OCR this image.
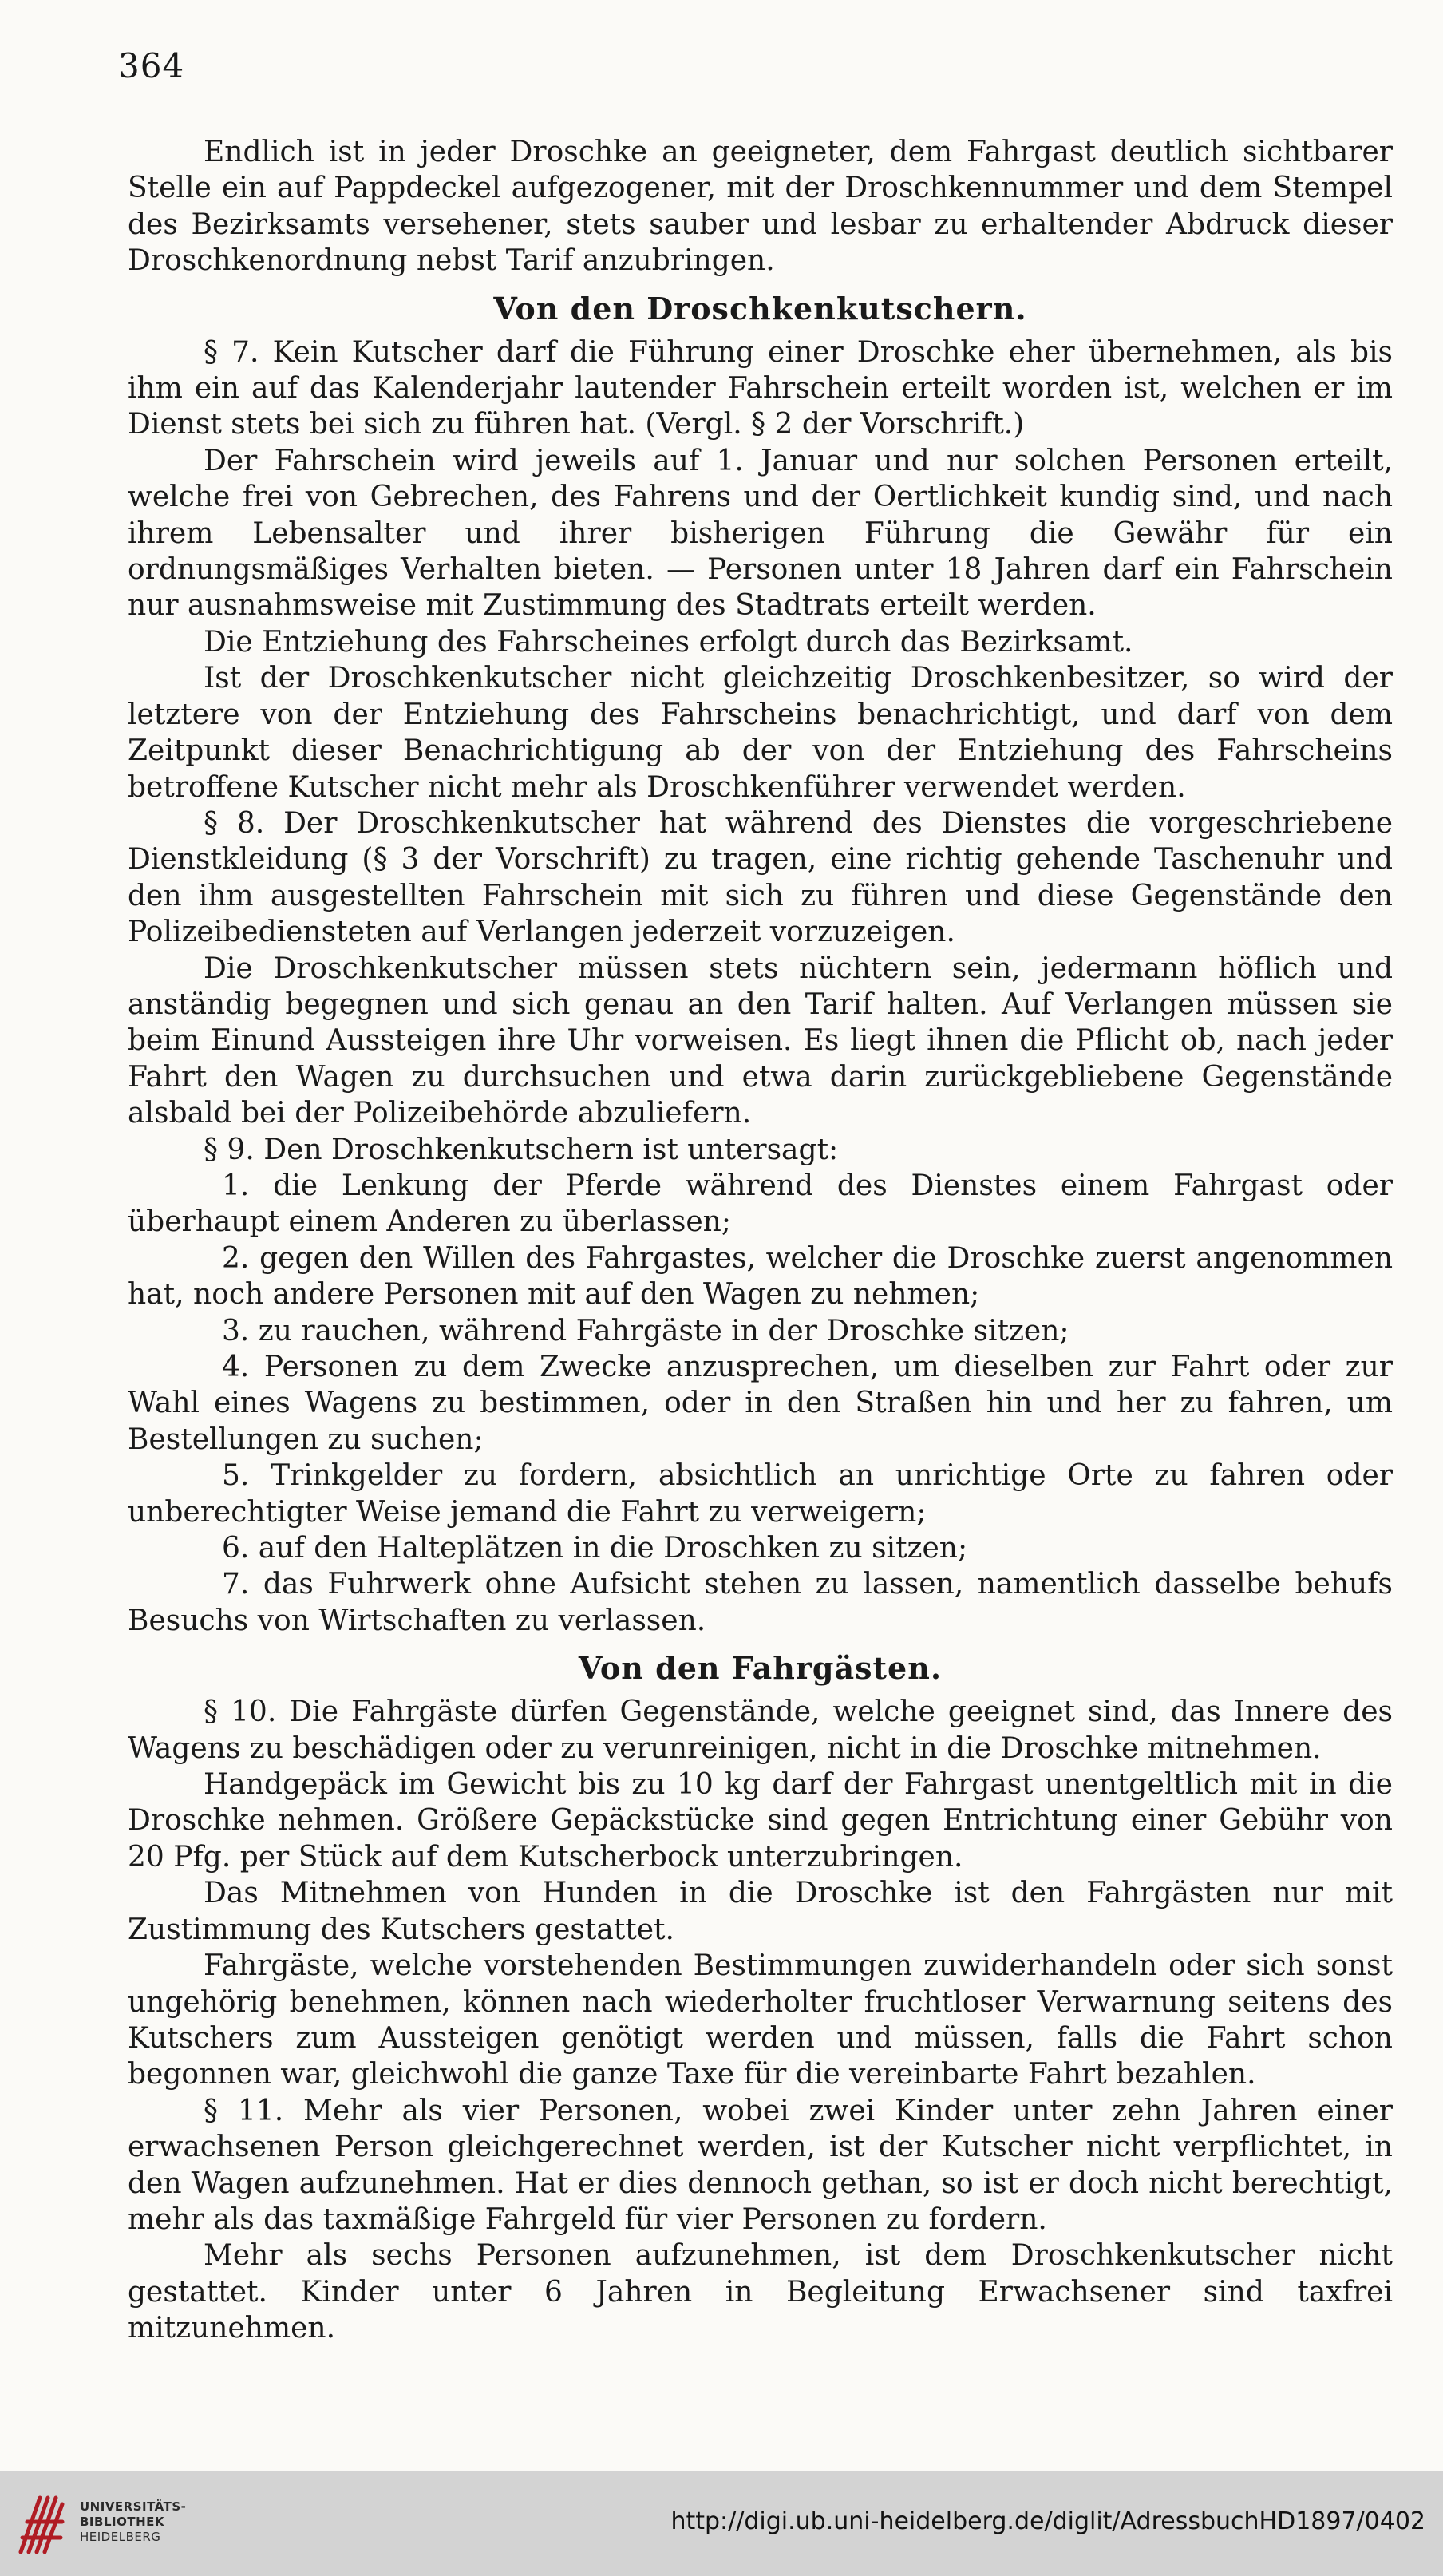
364

Endlich ist in jeder Droschke an geeigneter, dem Fahrgast deutlich sichtbarer Stelle ein auf Pappdeckel aufgezogener, mit der Droschkennummer und dem Stempel des Bezirksamts versehener, stets sauber und lesbar zu erhaltender Abdruck dieser Droschkenordnung nebst Tarif anzubringen.

Von den Droschkenkutschern.

§ 7. Kein Kutscher darf die Führung einer Droschke eher übernehmen, als bis ihm ein auf das Kalenderjahr lautender Fahrschein erteilt worden ist, welchen er im Dienst stets bei sich zu führen hat. (Vergl. § 2 der Vorschrift.)

Der Fahrschein wird jeweils auf 1. Januar und nur solchen Personen erteilt, welche frei von Gebrechen, des Fahrens und der Oertlichkeit kundig sind, und nach ihrem Lebensalter und ihrer bisherigen Führung die Gewähr für ein ordnungsmäßiges Verhalten bieten. — Personen unter 18 Jahren darf ein Fahrschein nur ausnahmsweise mit Zustimmung des Stadtrats erteilt werden.

Die Entziehung des Fahrscheines erfolgt durch das Bezirksamt.

Ist der Droschkenkutscher nicht gleichzeitig Droschkenbesitzer, so wird der letztere von der Entziehung des Fahrscheins benachrichtigt, und darf von dem Zeitpunkt dieser Benachrichtigung ab der von der Entziehung des Fahrscheins betroffene Kutscher nicht mehr als Droschkenführer verwendet werden.

§ 8. Der Droschkenkutscher hat während des Dienstes die vorgeschriebene Dienstkleidung (§ 3 der Vorschrift) zu tragen, eine richtig gehende Taschenuhr und den ihm ausgestellten Fahrschein mit sich zu führen und diese Gegenstände den Polizeibediensteten auf Verlangen jederzeit vorzuzeigen.

Die Droschkenkutscher müssen stets nüchtern sein, jedermann höflich und anständig begegnen und sich genau an den Tarif halten. Auf Verlangen müssen sie beim Einund Aussteigen ihre Uhr vorweisen. Es liegt ihnen die Pflicht ob, nach jeder Fahrt den Wagen zu durchsuchen und etwa darin zurückgebliebene Gegenstände alsbald bei der Polizeibehörde abzuliefern.

§ 9. Den Droschkenkutschern ist untersagt:

1. die Lenkung der Pferde während des Dienstes einem Fahrgast oder überhaupt einem Anderen zu überlassen;

2. gegen den Willen des Fahrgastes, welcher die Droschke zuerst angenommen hat, noch andere Personen mit auf den Wagen zu nehmen;

3. zu rauchen, während Fahrgäste in der Droschke sitzen;

4. Personen zu dem Zwecke anzusprechen, um dieselben zur Fahrt oder zur Wahl eines Wagens zu bestimmen, oder in den Straßen hin und her zu fahren, um Bestellungen zu suchen;

5. Trinkgelder zu fordern, absichtlich an unrichtige Orte zu fahren oder unberechtigter Weise jemand die Fahrt zu verweigern;

6. auf den Halteplätzen in die Droschken zu sitzen;

7. das Fuhrwerk ohne Aufsicht stehen zu lassen, namentlich dasselbe behufs Besuchs von Wirtschaften zu verlassen.

Von den Fahrgästen.

§ 10. Die Fahrgäste dürfen Gegenstände, welche geeignet sind, das Innere des Wagens zu beschädigen oder zu verunreinigen, nicht in die Droschke mitnehmen.

Handgepäck im Gewicht bis zu 10 kg darf der Fahrgast unentgeltlich mit in die Droschke nehmen. Größere Gepäckstücke sind gegen Entrichtung einer Gebühr von 20 Pfg. per Stück auf dem Kutscherbock unterzubringen.

Das Mitnehmen von Hunden in die Droschke ist den Fahrgästen nur mit Zustimmung des Kutschers gestattet.

Fahrgäste, welche vorstehenden Bestimmungen zuwiderhandeln oder sich sonst ungehörig benehmen, können nach wiederholter fruchtloser Verwarnung seitens des Kutschers zum Aussteigen genötigt werden und müssen, falls die Fahrt schon begonnen war, gleichwohl die ganze Taxe für die vereinbarte Fahrt bezahlen.

§ 11. Mehr als vier Personen, wobei zwei Kinder unter zehn Jahren einer erwachsenen Person gleichgerechnet werden, ist der Kutscher nicht verpflichtet, in den Wagen aufzunehmen. Hat er dies dennoch gethan, so ist er doch nicht berechtigt, mehr als das taxmäßige Fahrgeld für vier Personen zu fordern.

Mehr als sechs Personen aufzunehmen, ist dem Droschkenkutscher nicht gestattet. Kinder unter 6 Jahren in Begleitung Erwachsener sind taxfrei mitzunehmen.

UNIVERSITÄTS-
BIBLIOTHEK
HEIDELBERG
http://digi.ub.uni-heidelberg.de/diglit/AdressbuchHD1897/0402
